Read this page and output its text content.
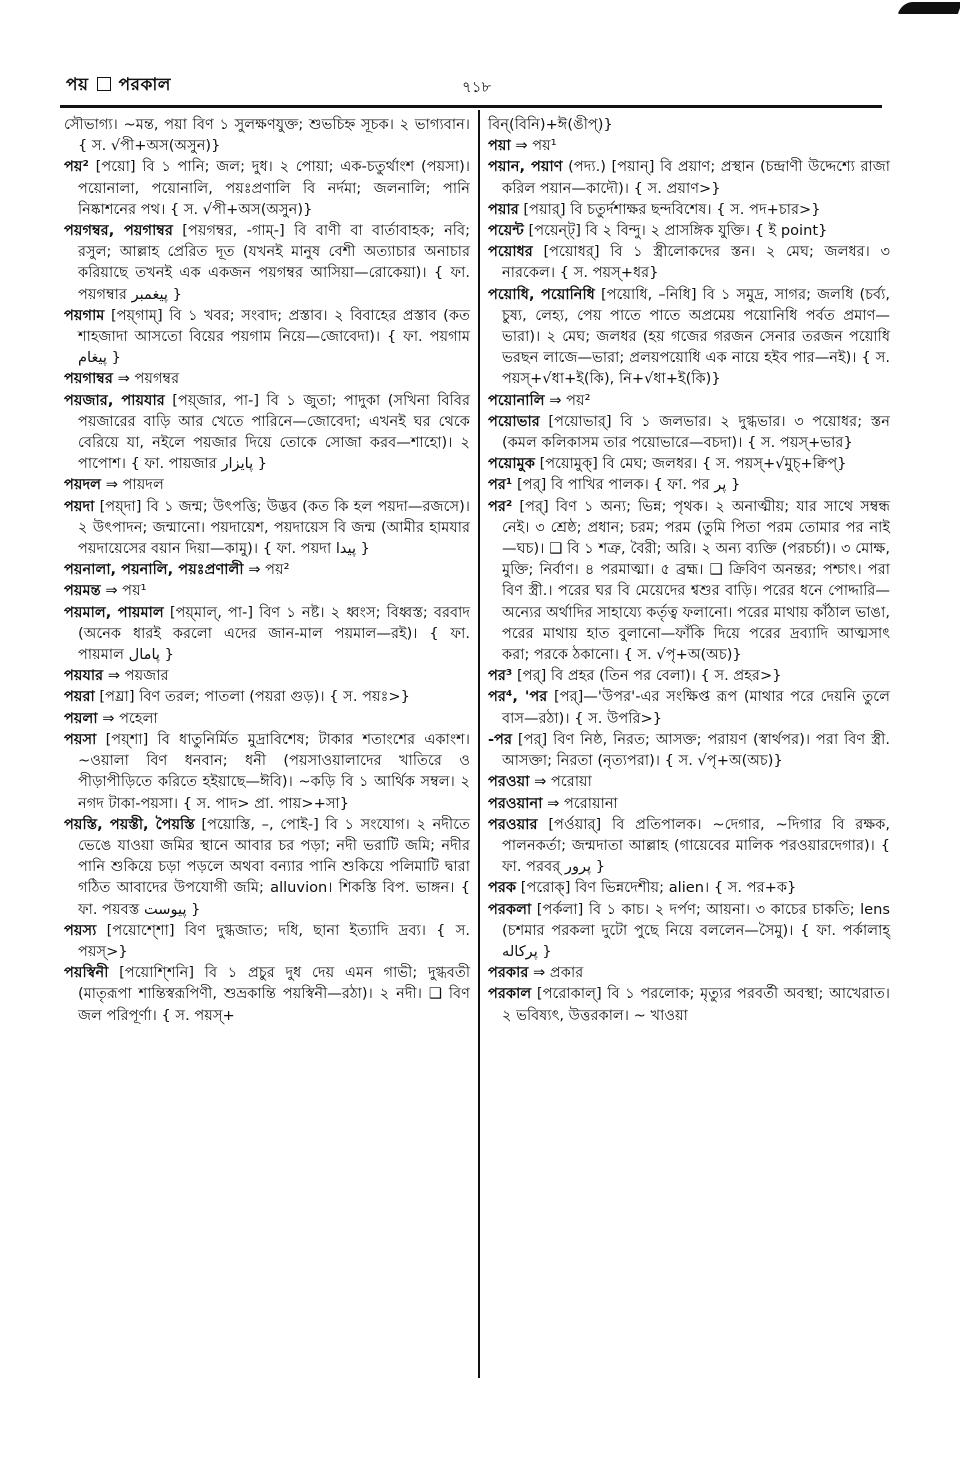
পয় পরকাল	৭১৮

সৌভাগ্য। ~মন্ত, পয়া বিণ ১ সুলক্ষণযুক্ত; শুভচিহ্ন সূচক। ২ ভাগ্যবান। { স. √পী+অস(অসুন)}

পয়² [পয়ো] বি ১ পানি; জল; দুধ। ২ পোয়া; এক-চতুর্থাংশ (পয়সা)। পয়োনালা, পয়োনালি, পয়ঃপ্রণালি বি নর্দমা; জলনালি; পানি নিষ্কাশনের পথ। { স. √পী+অস(অসুন)}

পয়গম্বর, পয়গাম্বর [পয়গম্বর, -গাম্-] বি বাণী বা বার্তাবাহক; নবি; রসুল; আল্লাহ প্রেরিত দূত (যখনই মানুষ বেশী অত্যাচার অনাচার করিয়াছে তখনই এক একজন পয়গম্বর আসিয়া—রোকেয়া)। { ফা. পয়গম্বার پیغمبر }

পয়গাম [পয়্গাম্] বি ১ খবর; সংবাদ; প্রস্তাব। ২ বিবাহের প্রস্তাব (কত শাহজাদা আসতো বিয়ের পয়গাম নিয়ে—জোবেদা)। { ফা. পয়গাম پیغام }

পয়গাম্বর ⇒ পয়গম্বর

পয়জার, পায়যার [পয়্জার, পা-] বি ১ জুতা; পাদুকা (সখিনা বিবির পয়জারের বাড়ি আর খেতে পারিনে—জোবেদা; এখনই ঘর থেকে বেরিয়ে যা, নইলে পয়জার দিয়ে তোকে সোজা করব—শাহো)। ২ পাপোশ। { ফা. পায়জার پایزار }

পয়দল ⇒ পায়দল

পয়দা [পয়্দা] বি ১ জন্ম; উৎপত্তি; উদ্ভব (কত কি হল পয়দা—রজসে)। ২ উৎপাদন; জন্মানো। পয়দায়েশ, পয়দায়েস বি জন্ম (আমীর হামযার পয়দায়েসের বয়ান দিয়া—কামু)। { ফা. পয়দা پیدا }

পয়নালা, পয়নালি, পয়ঃপ্রণালী ⇒ পয়²

পয়মন্ত ⇒ পয়¹

পয়মাল, পায়মাল [পয়্মাল্, পা-] বিণ ১ নষ্ট। ২ ধ্বংস; বিধ্বস্ত; বরবাদ (অনেক ধারই করলো এদের জান-মাল পয়মাল—রই)। { ফা. পায়মাল پامال }

পয়যার ⇒ পয়জার

পয়রা [পয়্রা] বিণ তরল; পাতলা (পয়রা গুড়)। { স. পয়ঃ>}

পয়লা ⇒ পহেলা

পয়সা [পয়্শা] বি ধাতুনির্মিত মুদ্রাবিশেষ; টাকার শতাংশের একাংশ। ~ওয়ালা বিণ ধনবান; ধনী (পয়সাওয়ালাদের খাতিরে ও পীড়াপীড়িতে করিতে হইয়াছে—ঈবি)। ~কড়ি বি ১ আর্থিক সম্বল। ২ নগদ টাকা-পয়সা। { স. পাদ> প্রা. পায়>+সা}

পয়স্তি, পয়স্তী, পৈয়স্তি [পয়োস্তি, –, পোই-] বি ১ সংযোগ। ২ নদীতে ভেঙে যাওয়া জমির স্থানে আবার চর পড়া; নদী ভরাটি জমি; নদীর পানি শুকিয়ে চড়া পড়লে অথবা বন্যার পানি শুকিয়ে পলিমাটি দ্বারা গঠিত আবাদের উপযোগী জমি; alluvion। শিকস্তি বিপ. ভাঙ্গন। { ফা. পয়বস্ত پیوست }

পয়স্য [পয়োশ্শো] বিণ দুগ্ধজাত; দধি, ছানা ইত্যাদি দ্রব্য। { স. পয়স্>}

পয়স্বিনী [পয়োশ্শিনি] বি ১ প্রচুর দুধ দেয় এমন গাভী; দুগ্ধবতী (মাতৃরূপা শান্তিস্বরূপিণী, শুভ্রকান্তি পয়স্বিনী—রঠা)। ২ নদী। ❑ বিণ জল পরিপূর্ণা। { স. পয়স্+

বিন্(বিনি)+ঈ(ঙীপ্)}

পয়া ⇒ পয়¹

পয়ান, পয়াণ (পদ্য.) [পয়ান্] বি প্রয়াণ; প্রস্থান (চন্দ্রাণী উদ্দেশ্যে রাজা করিল পয়ান—কাদৌ)। { স. প্রয়াণ>}

পয়ার [পয়ার্] বি চতুর্দশাক্ষর ছন্দবিশেষ। { স. পদ+চার>}

পয়েন্ট [পয়েন্ট্] বি ২ বিন্দু। ২ প্রাসঙ্গিক যুক্তি। { ই point}

পয়োধর [পয়োধর্] বি ১ স্ত্রীলোকদের স্তন। ২ মেঘ; জলধর। ৩ নারকেল। { স. পয়স্+ধর}

পয়োধি, পয়োনিধি [পয়োধি, –নিধি] বি ১ সমুদ্র, সাগর; জলধি (চর্ব্য, চুষ্য, লেহ্য, পেয় পাতে পাতে অপ্রমেয় পয়োনিধি পর্বত প্রমাণ—ভারা)। ২ মেঘ; জলধর (হয় গজের গরজন সেনার তরজন পয়োধি ভরছন লাজে—ভারা; প্রলয়পয়োধি এক নায়ে হইব পার—নই)। { স. পয়স্+√ধা+ই(কি), নি+√ধা+ই(কি)}

পয়োনালি ⇒ পয়²

পয়োভার [পয়োভার্] বি ১ জলভার। ২ দুগ্ধভার। ৩ পয়োধর; স্তন (কমল কলিকাসম তার পয়োভারে—বচদা)। { স. পয়স্+ভার}

পয়োমুক [পয়োমুক্] বি মেঘ; জলধর। { স. পয়স্+√মুচ্+ক্বিপ্}

পর¹ [পর্] বি পাখির পালক। { ফা. পর پر }

পর² [পর্] বিণ ১ অন্য; ভিন্ন; পৃথক। ২ অনাত্মীয়; যার সাথে সম্বন্ধ নেই। ৩ শ্রেষ্ঠ; প্রধান; চরম; পরম (তুমি পিতা পরম তোমার পর নাই—ঘচ)। ❑ বি ১ শত্রু, বৈরী; অরি। ২ অন্য ব্যক্তি (পরচর্চা)। ৩ মোক্ষ, মুক্তি; নির্বাণ। ৪ পরমাত্মা। ৫ ব্রহ্ম। ❑ ক্রিবিণ অনন্তর; পশ্চাৎ। পরা বিণ স্ত্রী.। পরের ঘর বি মেয়েদের শ্বশুর বাড়ি। পরের ধনে পোদ্দারি—অন্যের অর্থাদির সাহায্যে কর্তৃত্ব ফলানো। পরের মাথায় কাঁঠাল ভাঙা, পরের মাথায় হাত বুলানো—ফাঁকি দিয়ে পরের দ্রব্যাদি আত্মসাৎ করা; পরকে ঠকানো। { স. √পৃ+অ(অচ)}

পর³ [পর্] বি প্রহর (তিন পর বেলা)। { স. প্রহর>}

পর⁴, 'পর [পর্]—'উপর'-এর সংক্ষিপ্ত রূপ (মাথার পরে দেয়নি তুলে বাস—রঠা)। { স. উপরি>}

-পর [পর্] বিণ নিষ্ঠ, নিরত; আসক্ত; পরায়ণ (স্বার্থপর)। পরা বিণ স্ত্রী. আসক্তা; নিরতা (নৃত্যপরা)। { স. √পৃ+অ(অচ)}

পরওয়া ⇒ পরোয়া

পরওয়ানা ⇒ পরোয়ানা

পরওয়ার [পর্ওয়ার্] বি প্রতিপালক। ~দেগার, ~দিগার বি রক্ষক, পালনকর্তা; জন্মদাতা আল্লাহ (গায়েবের মালিক পরওয়ারদেগার)। { ফা. পরবর্ پرور }

পরক [পরোক্] বিণ ভিন্নদেশীয়; alien। { স. পর+ক}

পরকলা [পর্কলা] বি ১ কাচ। ২ দর্পণ; আয়না। ৩ কাচের চাকতি; lens (চশমার পরকলা দুটো পুছে নিয়ে বললেন—সৈমু)। { ফা. পর্কালাহ্ پرکاله }

পরকার ⇒ প্রকার

পরকাল [পরোকাল্] বি ১ পরলোক; মৃত্যুর পরবর্তী অবস্থা; আখেরাত। ২ ভবিষ্যৎ, উত্তরকাল। ~ খাওয়া
